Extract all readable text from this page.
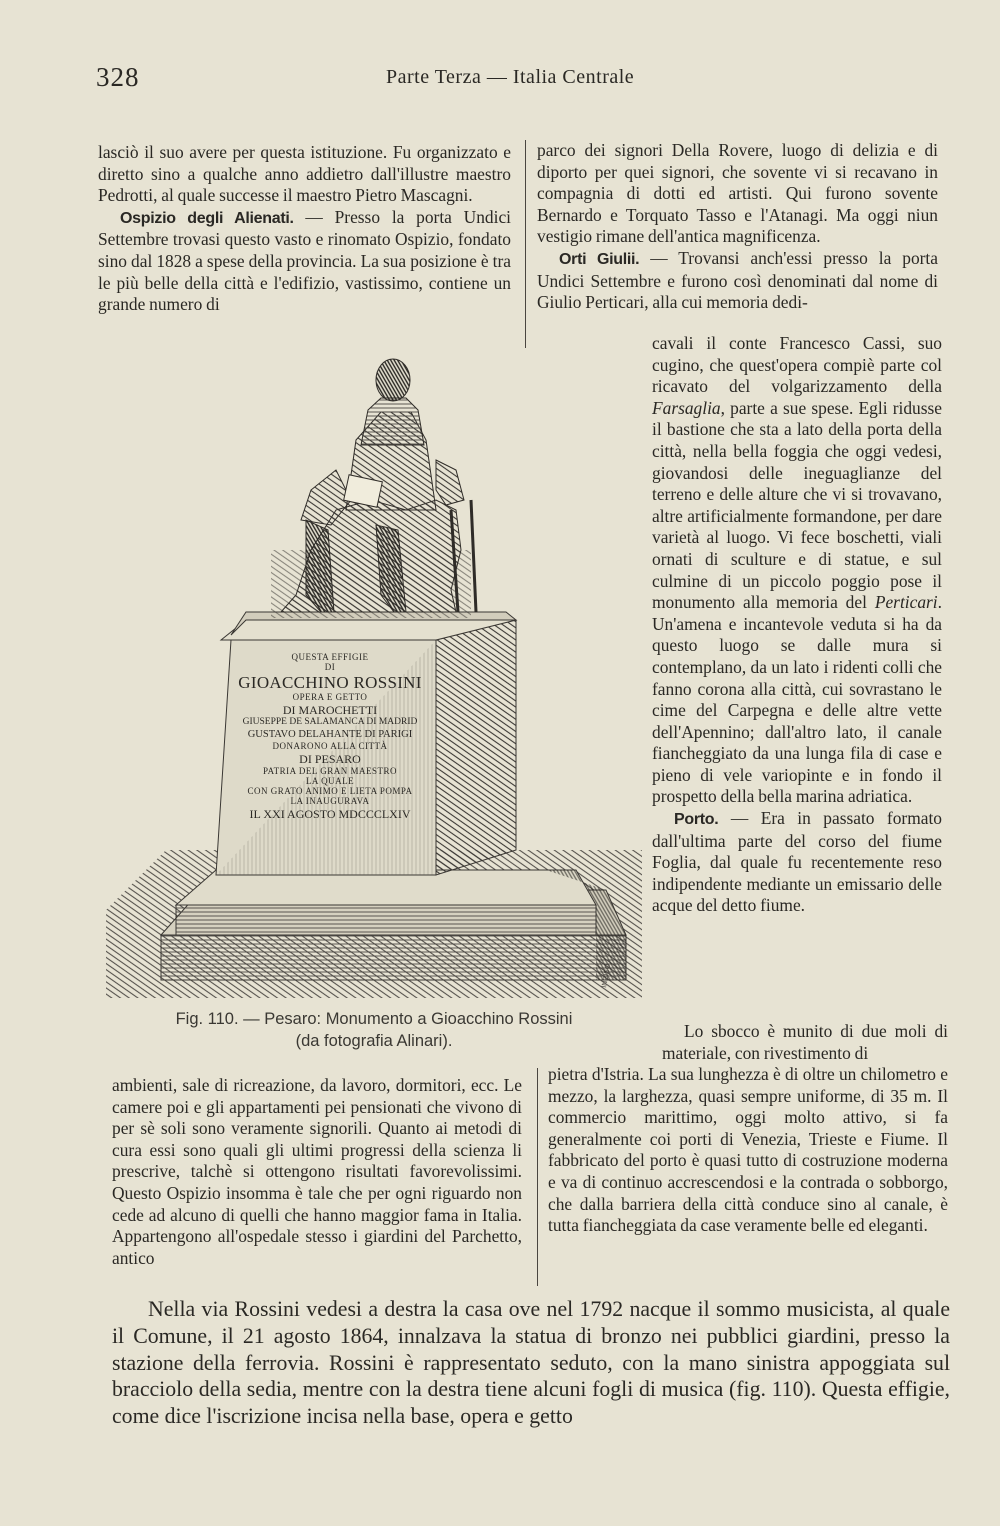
328	Parte Terza — Italia Centrale

lasciò il suo avere per questa istituzione. Fu organizzato e diretto sino a qualche anno addietro dall'illustre maestro Pedrotti, al quale successe il maestro Pietro Mascagni.

Ospizio degli Alienati. — Presso la porta Undici Settembre trovasi questo vasto e rinomato Ospizio, fondato sino dal 1828 a spese della provincia. La sua posizione è tra le più belle della città e l'edifizio, vastissimo, contiene un grande numero di

parco dei signori Della Rovere, luogo di delizia e di diporto per quei signori, che sovente vi si recavano in compagnia di dotti ed artisti. Qui furono sovente Bernardo e Torquato Tasso e l'Atanagi. Ma oggi niun vestigio rimane dell'antica magnificenza.

Orti Giulii. — Trovansi anch'essi presso la porta Undici Settembre e furono così denominati dal nome di Giulio Perticari, alla cui memoria dedi-

cavali il conte Francesco Cassi, suo cugino, che quest'opera compiè parte col ricavato del volgarizzamento della Farsaglia, parte a sue spese. Egli ridusse il bastione che sta a lato della porta della città, nella bella foggia che oggi vedesi, giovandosi delle ineguaglianze del terreno e delle alture che vi si trovavano, altre artificialmente formandone, per dare varietà al luogo. Vi fece boschetti, viali ornati di sculture e di statue, e sul culmine di un piccolo poggio pose il monumento alla memoria del Perticari. Un'amena e incantevole veduta si ha da questo luogo se dalle mura si contemplano, da un lato i ridenti colli che fanno corona alla città, cui sovrastano le cime del Carpegna e delle altre vette dell'Apennino; dall'altro lato, il canale fiancheggiato da una lunga fila di case e pieno di vele variopinte e in fondo il prospetto della bella marina adriatica.

Porto. — Era in passato formato dall'ultima parte del corso del fiume Foglia, dal quale fu recentemente reso indipendente mediante un emissario delle acque del detto fiume.

Lo sbocco è munito di due moli di materiale, con rivestimento di

pietra d'Istria. La sua lunghezza è di oltre un chilometro e mezzo, la larghezza, quasi sempre uniforme, di 35 m. Il commercio marittimo, oggi molto attivo, si fa generalmente coi porti di Venezia, Trieste e Fiume. Il fabbricato del porto è quasi tutto di costruzione moderna e va di continuo accrescendosi e la contrada o sobborgo, che dalla barriera della città conduce sino al canale, è tutta fiancheggiata da case veramente belle ed eleganti.

ambienti, sale di ricreazione, da lavoro, dormitori, ecc. Le camere poi e gli appartamenti pei pensionati che vivono di per sè soli sono veramente signorili. Quanto ai metodi di cura essi sono quali gli ultimi progressi della scienza li prescrive, talchè si ottengono risultati favorevolissimi. Questo Ospizio insomma è tale che per ogni riguardo non cede ad alcuno di quelli che hanno maggior fama in Italia. Appartengono all'ospedale stesso i giardini del Parchetto, antico

INCISO
QUESTA EFFIGIE
DI
GIOACCHINO ROSSINI
OPERA E GETTO
DI MAROCHETTI
GIUSEPPE DE SALAMANCA DI MADRID
GUSTAVO DELAHANTE DI PARIGI
DONARONO ALLA CITTÀ
DI PESARO
PATRIA DEL GRAN MAESTRO
LA QUALE
CON GRATO ANIMO E LIETA POMPA
LA INAUGURAVA
IL XXI AGOSTO MDCCCLXIV
Fig. 110. — Pesaro: Monumento a Gioacchino Rossini
(da fotografia Alinari).
Nella via Rossini vedesi a destra la casa ove nel 1792 nacque il sommo musicista, al quale il Comune, il 21 agosto 1864, innalzava la statua di bronzo nei pubblici giardini, presso la stazione della ferrovia. Rossini è rappresentato seduto, con la mano sinistra appoggiata sul bracciolo della sedia, mentre con la destra tiene alcuni fogli di musica (fig. 110). Questa effigie, come dice l'iscrizione incisa nella base, opera e getto
